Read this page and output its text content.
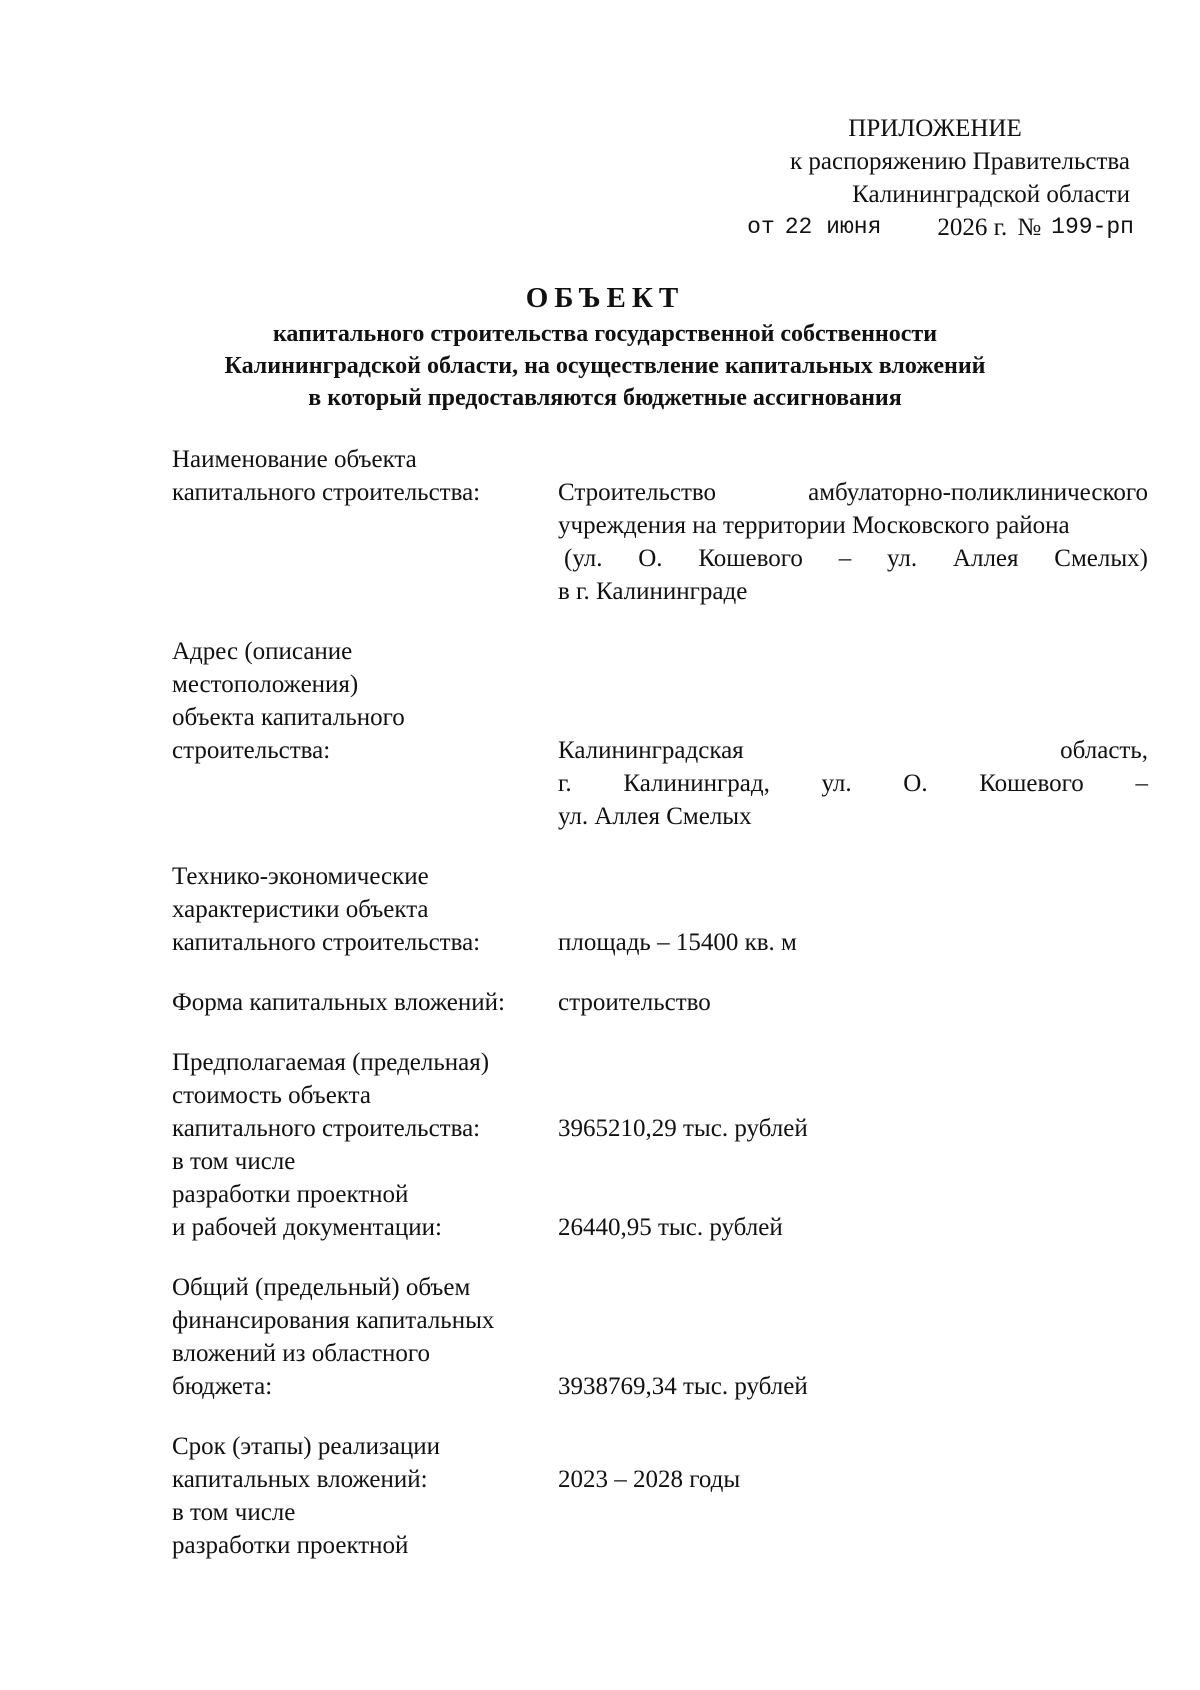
ПРИЛОЖЕНИЕ
к распоряжению Правительства
Калининградской области
от 22 июня 2026 г. № 199-рп
ОБЪЕКТ
капитального строительства государственной собственности
Калининградской области, на осуществление капитальных вложений
в который предоставляются бюджетные ассигнования
Наименование объекта
капитального строительства:

	Строительство амбулаторно-поликлинического
учреждения на территории Московского района
(ул. О. Кошевого – ул. Аллея Смелых)
в г. Калининграде
Адрес (описание
местоположения)
объекта капитального
строительства:

	Калининградская	область,
г. Калининград, ул. О. Кошевого –
ул. Аллея Смелых
Технико-экономические
характеристики объекта
капитального строительства:	площадь – 15400 кв. м
Форма капитальных вложений:	строительство
Предполагаемая (предельная)
стоимость объекта
капитального строительства:	3965210,29 тыс. рублей
в том числе
разработки проектной
и рабочей документации:	26440,95 тыс. рублей
Общий (предельный) объем
финансирования капитальных
вложений из областного
бюджета:	3938769,34 тыс. рублей
Срок (этапы) реализации
капитальных вложений:	2023 – 2028 годы
в том числе
разработки проектной
